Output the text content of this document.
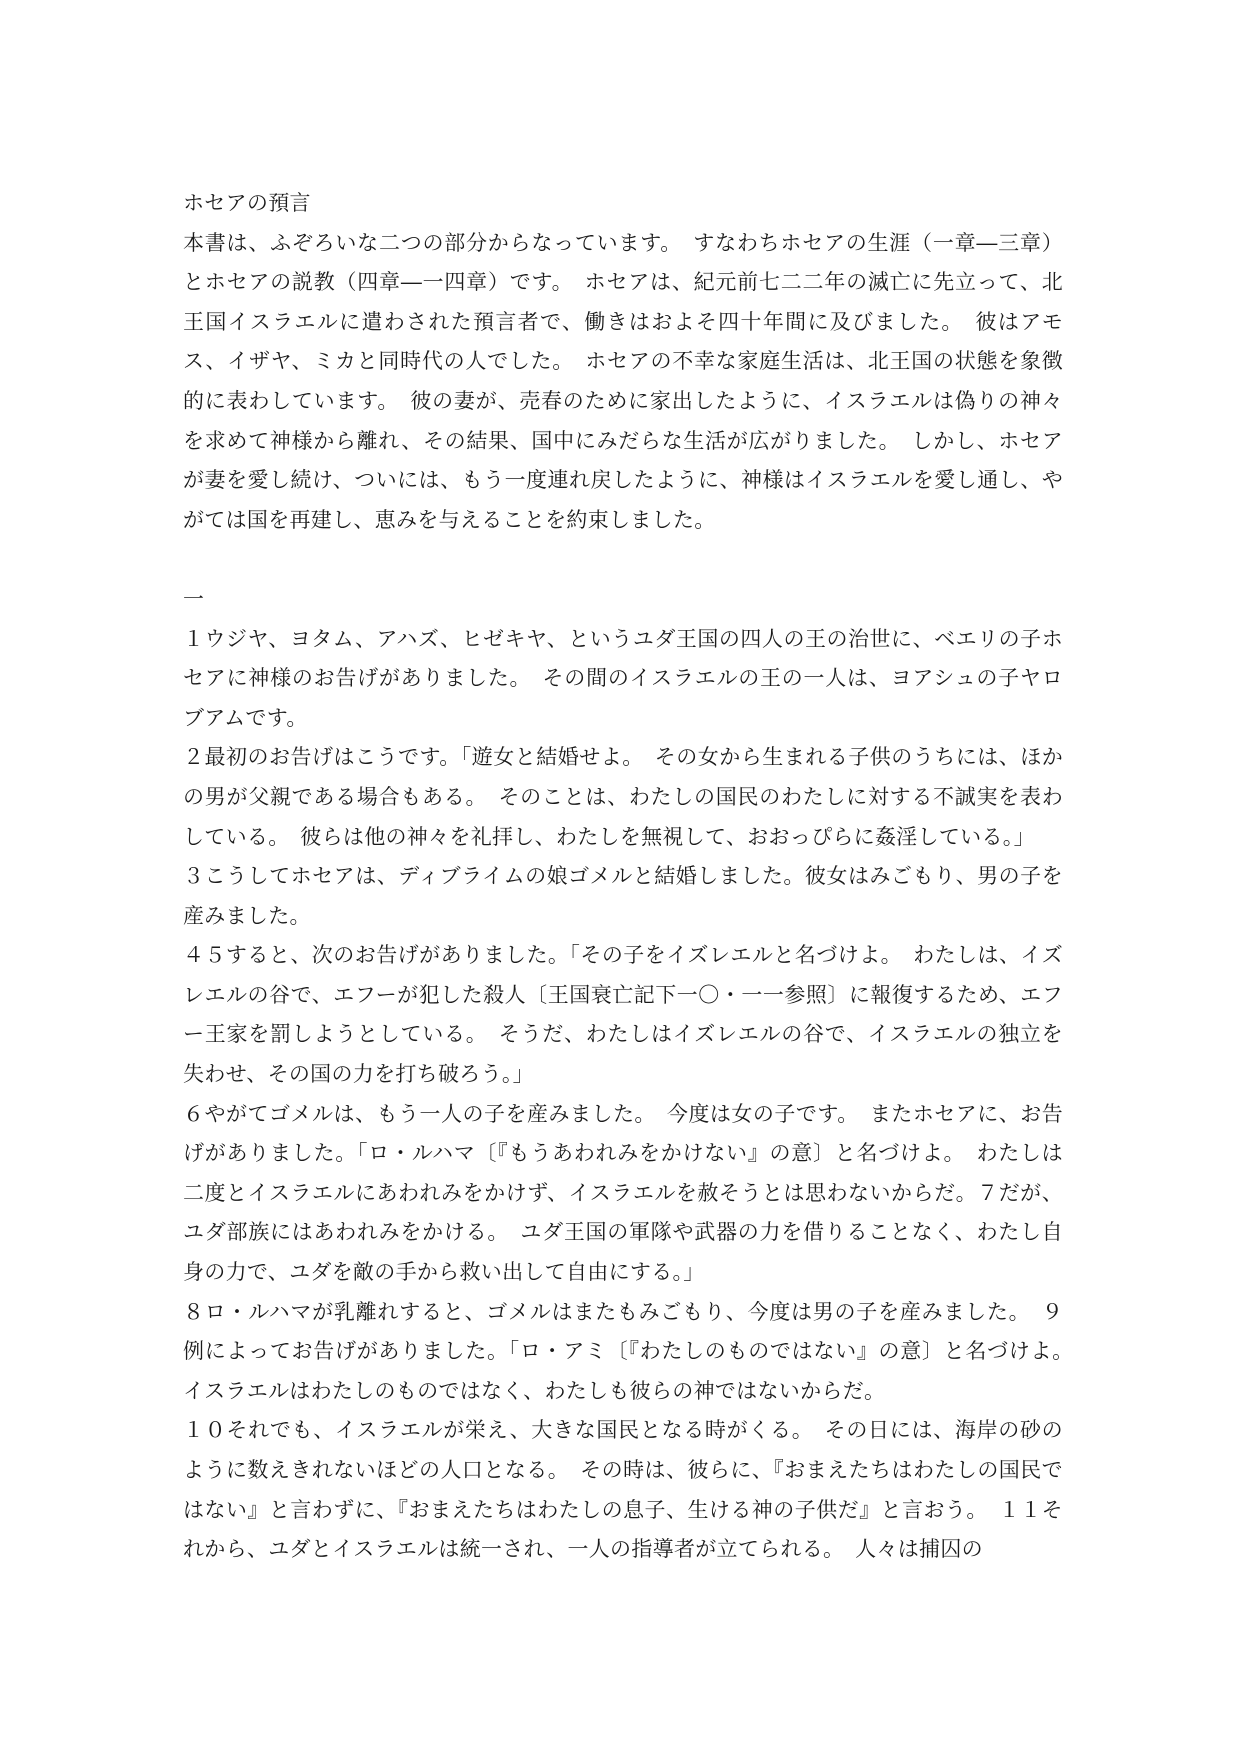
ホセアの預言

本書は、ふぞろいな二つの部分からなっています。　すなわちホセアの生涯（一章―三章）とホセアの説教（四章―一四章）です。　ホセアは、紀元前七二二年の滅亡に先立って、北王国イスラエルに遣わされた預言者で、働きはおよそ四十年間に及びました。　彼はアモス、イザヤ、ミカと同時代の人でした。　ホセアの不幸な家庭生活は、北王国の状態を象徴的に表わしています。　彼の妻が、売春のために家出したように、イスラエルは偽りの神々を求めて神様から離れ、その結果、国中にみだらな生活が広がりました。　しかし、ホセアが妻を愛し続け、ついには、もう一度連れ戻したように、神様はイスラエルを愛し通し、やがては国を再建し、恵みを与えることを約束しました。

一

１ウジヤ、ヨタム、アハズ、ヒゼキヤ、というユダ王国の四人の王の治世に、ベエリの子ホセアに神様のお告げがありました。　その間のイスラエルの王の一人は、ヨアシュの子ヤロブアムです。

２最初のお告げはこうです。「遊女と結婚せよ。　その女から生まれる子供のうちには、ほかの男が父親である場合もある。　そのことは、わたしの国民のわたしに対する不誠実を表わしている。　彼らは他の神々を礼拝し、わたしを無視して、おおっぴらに姦淫している。」

３こうしてホセアは、ディブライムの娘ゴメルと結婚しました。彼女はみごもり、男の子を産みました。

４５すると、次のお告げがありました。「その子をイズレエルと名づけよ。　わたしは、イズレエルの谷で、エフーが犯した殺人〔王国衰亡記下一〇・一一参照〕に報復するため、エフー王家を罰しようとしている。　そうだ、わたしはイズレエルの谷で、イスラエルの独立を失わせ、その国の力を打ち破ろう。」

６やがてゴメルは、もう一人の子を産みました。　今度は女の子です。　またホセアに、お告げがありました。「ロ・ルハマ〔『もうあわれみをかけない』の意〕と名づけよ。　わたしは二度とイスラエルにあわれみをかけず、イスラエルを赦そうとは思わないからだ。７だが、ユダ部族にはあわれみをかける。　ユダ王国の軍隊や武器の力を借りることなく、わたし自身の力で、ユダを敵の手から救い出して自由にする。」

８ロ・ルハマが乳離れすると、ゴメルはまたもみごもり、今度は男の子を産みました。　９例によってお告げがありました。「ロ・アミ〔『わたしのものではない』の意〕と名づけよ。　イスラエルはわたしのものではなく、わたしも彼らの神ではないからだ。

１０それでも、イスラエルが栄え、大きな国民となる時がくる。　その日には、海岸の砂のように数えきれないほどの人口となる。　その時は、彼らに、『おまえたちはわたしの国民ではない』と言わずに、『おまえたちはわたしの息子、生ける神の子供だ』と言おう。　１１それから、ユダとイスラエルは統一され、一人の指導者が立てられる。　人々は捕囚の
